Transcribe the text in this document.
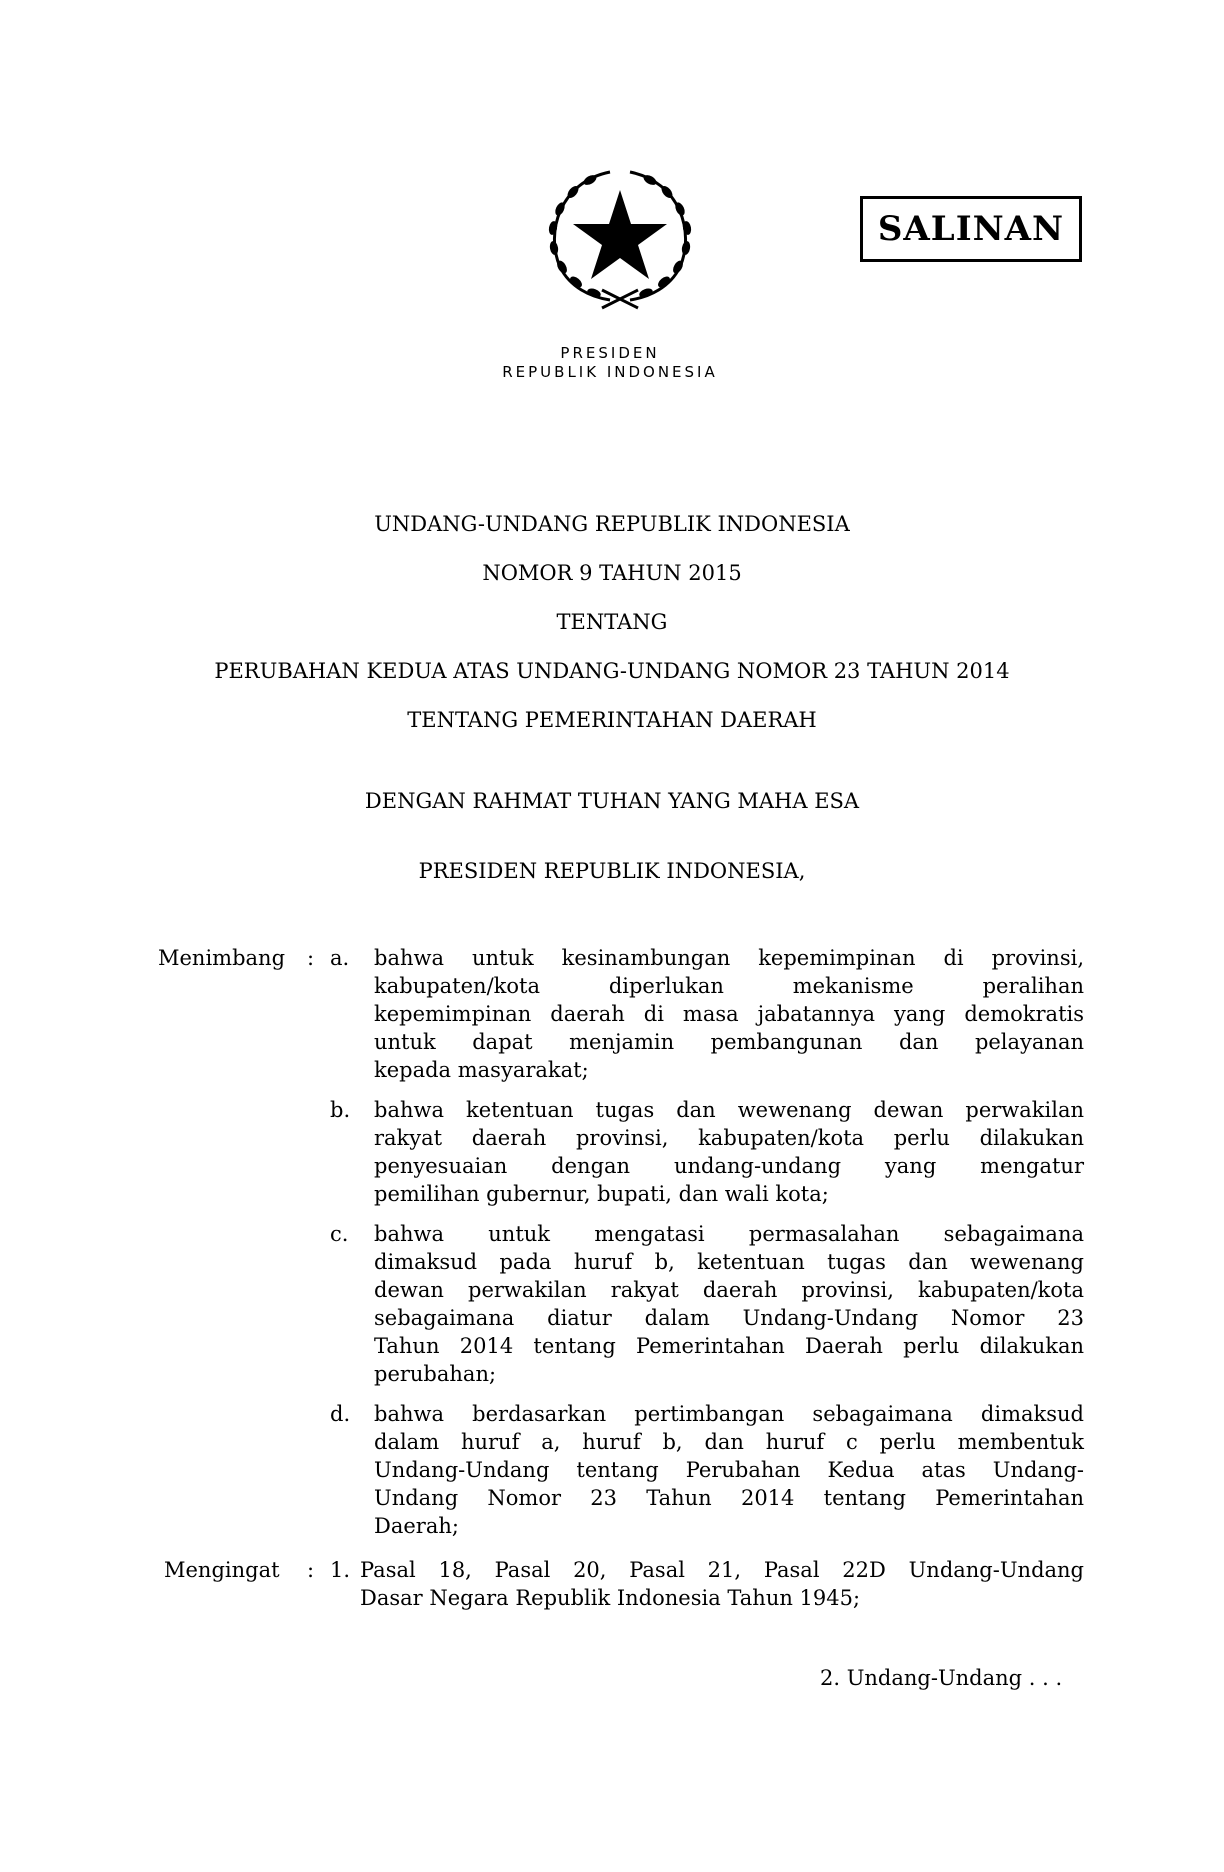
SALINAN
PRESIDEN
REPUBLIK INDONESIA
UNDANG-UNDANG REPUBLIK INDONESIA
NOMOR 9 TAHUN 2015
TENTANG
PERUBAHAN KEDUA ATAS UNDANG-UNDANG NOMOR 23 TAHUN 2014
TENTANG PEMERINTAHAN DAERAH
DENGAN RAHMAT TUHAN YANG MAHA ESA
PRESIDEN REPUBLIK INDONESIA,
Menimbang : a. bahwa untuk kesinambungan kepemimpinan di provinsi,
kabupaten/kota diperlukan mekanisme peralihan
kepemimpinan daerah di masa jabatannya yang demokratis
untuk dapat menjamin pembangunan dan pelayanan
kepada masyarakat;
b. bahwa ketentuan tugas dan wewenang dewan perwakilan
rakyat daerah provinsi, kabupaten/kota perlu dilakukan
penyesuaian dengan undang-undang yang mengatur
pemilihan gubernur, bupati, dan wali kota;
c. bahwa untuk mengatasi permasalahan sebagaimana
dimaksud pada huruf b, ketentuan tugas dan wewenang
dewan perwakilan rakyat daerah provinsi, kabupaten/kota
sebagaimana diatur dalam Undang-Undang Nomor 23
Tahun 2014 tentang Pemerintahan Daerah perlu dilakukan
perubahan;
d. bahwa berdasarkan pertimbangan sebagaimana dimaksud
dalam huruf a, huruf b, dan huruf c perlu membentuk
Undang-Undang tentang Perubahan Kedua atas Undang-
Undang Nomor 23 Tahun 2014 tentang Pemerintahan
Daerah;
Mengingat : 1. Pasal 18, Pasal 20, Pasal 21, Pasal 22D Undang-Undang
Dasar Negara Republik Indonesia Tahun 1945;
2. Undang-Undang . . .
